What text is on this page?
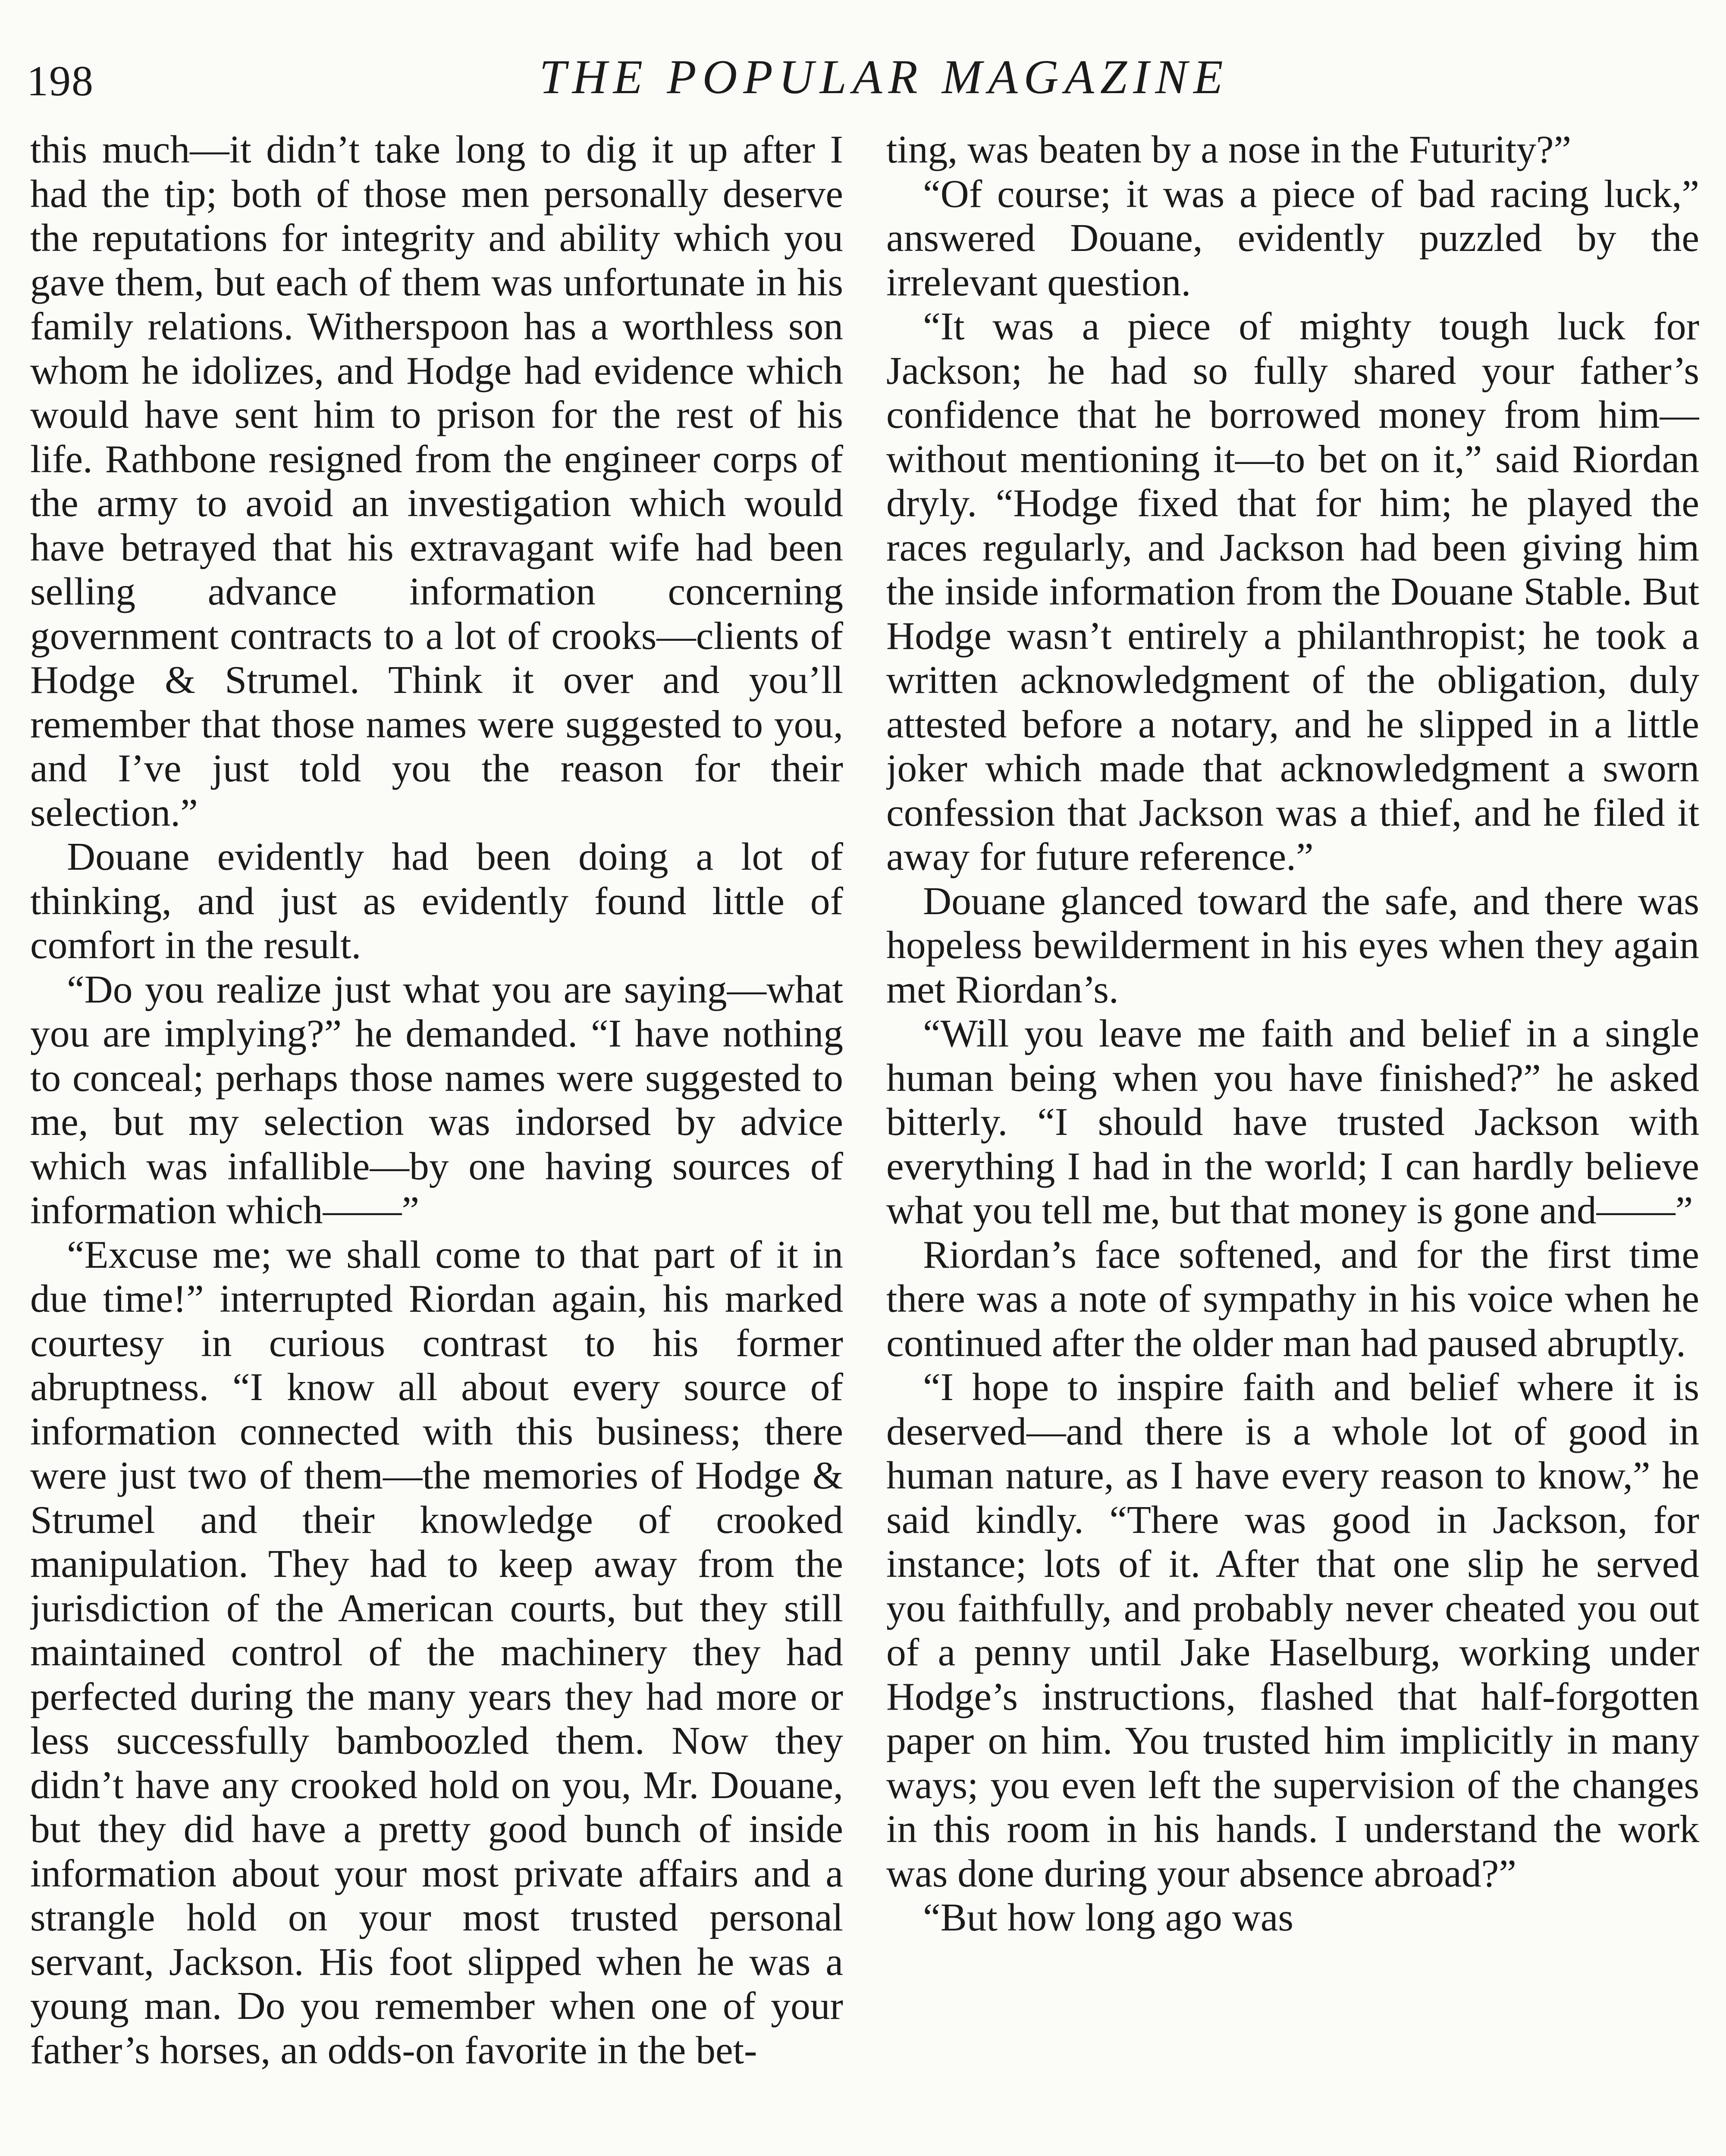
198	THE POPULAR MAGAZINE

this much—it didn’t take long to dig it up after I had the tip; both of those men personally deserve the reputations for integrity and ability which you gave them, but each of them was unfortunate in his family relations. Witherspoon has a worthless son whom he idolizes, and Hodge had evidence which would have sent him to prison for the rest of his life. Rathbone resigned from the engineer corps of the army to avoid an investigation which would have betrayed that his extravagant wife had been selling advance information concerning government contracts to a lot of crooks—clients of Hodge & Strumel. Think it over and you’ll remember that those names were suggested to you, and I’ve just told you the reason for their selection.”

Douane evidently had been doing a lot of thinking, and just as evidently found little of comfort in the result.

“Do you realize just what you are saying—what you are implying?” he demanded. “I have nothing to conceal; perhaps those names were suggested to me, but my selection was indorsed by advice which was infallible—by one having sources of information which——”

“Excuse me; we shall come to that part of it in due time!” interrupted Riordan again, his marked courtesy in curious contrast to his former abruptness. “I know all about every source of information connected with this business; there were just two of them—the memories of Hodge & Strumel and their knowledge of crooked manipulation. They had to keep away from the jurisdiction of the American courts, but they still maintained control of the machinery they had perfected during the many years they had more or less successfully bamboozled them. Now they didn’t have any crooked hold on you, Mr. Douane, but they did have a pretty good bunch of inside information about your most private affairs and a strangle hold on your most trusted personal servant, Jackson. His foot slipped when he was a young man. Do you remember when one of your father’s horses, an odds-on favorite in the bet-

ting, was beaten by a nose in the Futurity?”

“Of course; it was a piece of bad racing luck,” answered Douane, evidently puzzled by the irrelevant question.

“It was a piece of mighty tough luck for Jackson; he had so fully shared your father’s confidence that he borrowed money from him—without mentioning it—to bet on it,” said Riordan dryly. “Hodge fixed that for him; he played the races regularly, and Jackson had been giving him the inside information from the Douane Stable. But Hodge wasn’t entirely a philanthropist; he took a written acknowledgment of the obligation, duly attested before a notary, and he slipped in a little joker which made that acknowledgment a sworn confession that Jackson was a thief, and he filed it away for future reference.”

Douane glanced toward the safe, and there was hopeless bewilderment in his eyes when they again met Riordan’s.

“Will you leave me faith and belief in a single human being when you have finished?” he asked bitterly. “I should have trusted Jackson with everything I had in the world; I can hardly believe what you tell me, but that money is gone and——”

Riordan’s face softened, and for the first time there was a note of sympathy in his voice when he continued after the older man had paused abruptly.

“I hope to inspire faith and belief where it is deserved—and there is a whole lot of good in human nature, as I have every reason to know,” he said kindly. “There was good in Jackson, for instance; lots of it. After that one slip he served you faithfully, and probably never cheated you out of a penny until Jake Haselburg, working under Hodge’s instructions, flashed that half-forgotten paper on him. You trusted him implicitly in many ways; you even left the supervision of the changes in this room in his hands. I understand the work was done during your absence abroad?”

“But how long ago was
